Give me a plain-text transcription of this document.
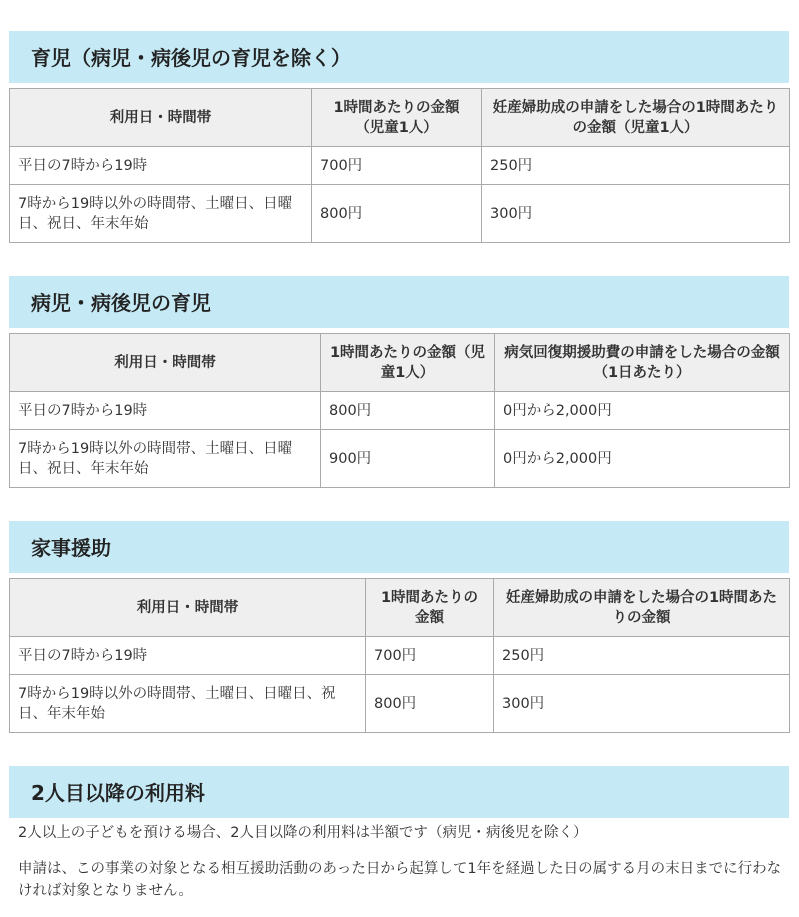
育児（病児・病後児の育児を除く）
利用日・時間帯	1時間あたりの金額（児童1人）	妊産婦助成の申請をした場合の1時間あたりの金額（児童1人）
平日の7時から19時	700円	250円
7時から19時以外の時間帯、土曜日、日曜日、祝日、年末年始	800円	300円
病児・病後児の育児
利用日・時間帯	1時間あたりの金額（児童1人）	病気回復期援助費の申請をした場合の金額（1日あたり）
平日の7時から19時	800円	0円から2,000円
7時から19時以外の時間帯、土曜日、日曜日、祝日、年末年始	900円	0円から2,000円
家事援助
利用日・時間帯	1時間あたりの金額	妊産婦助成の申請をした場合の1時間あたりの金額
平日の7時から19時	700円	250円
7時から19時以外の時間帯、土曜日、日曜日、祝日、年末年始	800円	300円
2人目以降の利用料

2人以上の子どもを預ける場合、2人目以降の利用料は半額です（病児・病後児を除く）

申請は、この事業の対象となる相互援助活動のあった日から起算して1年を経過した日の属する月の末日までに行わなければ対象となりません。
